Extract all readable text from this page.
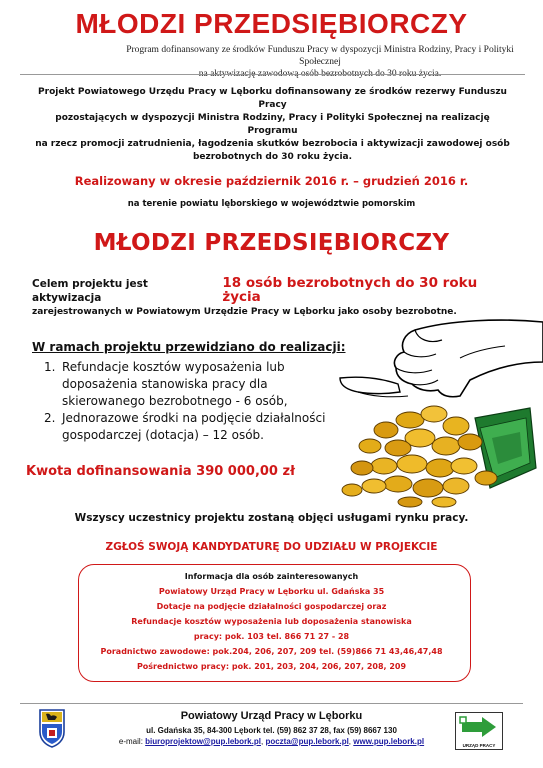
MŁODZI PRZEDSIĘBIORCZY
Program dofinansowany ze środków Funduszu Pracy w dyspozycji Ministra Rodziny, Pracy i Polityki Społecznej
na aktywizację zawodową osób bezrobotnych do 30 roku życia.
Projekt Powiatowego Urzędu Pracy w Lęborku dofinansowany ze środków rezerwy Funduszu Pracy
pozostających w dyspozycji Ministra Rodziny, Pracy i Polityki Społecznej na realizację Programu
na rzecz promocji zatrudnienia, łagodzenia skutków bezrobocia i aktywizacji zawodowej osób
bezrobotnych do 30 roku życia.
Realizowany w okresie październik 2016 r. – grudzień 2016 r.
na terenie powiatu lęborskiego w województwie pomorskim
MŁODZI PRZEDSIĘBIORCZY
Celem projektu jest aktywizacja
18 osób bezrobotnych do 30 roku życia
zarejestrowanych w Powiatowym Urzędzie Pracy w Lęborku jako osoby bezrobotne.
W ramach projektu przewidziano do realizacji:
1. Refundacje kosztów wyposażenia lub
doposażenia stanowiska pracy dla
skierowanego bezrobotnego - 6 osób,
2. Jednorazowe środki na podjęcie działalności
gospodarczej (dotacja) – 12 osób.
Kwota dofinansowania 390 000,00 zł
Wszyscy uczestnicy projektu zostaną objęci usługami rynku pracy.
ZGŁOŚ SWOJĄ KANDYDATURĘ DO UDZIAŁU W PROJEKCIE
Informacja dla osób zainteresowanych
Powiatowy Urząd Pracy w Lęborku ul. Gdańska 35
Dotacje na podjęcie działalności gospodarczej oraz
Refundacje kosztów wyposażenia lub doposażenia stanowiska
pracy: pok. 103 tel. 866 71 27 - 28
Poradnictwo zawodowe: pok.204, 206, 207, 209 tel. (59)866 71 43,46,47,48
Pośrednictwo pracy: pok. 201, 203, 204, 206, 207, 208, 209
Powiatowy Urząd Pracy w Lęborku
ul. Gdańska 35, 84-300 Lębork tel. (59) 862 37 28, fax (59) 8667 130
e-mail: biuroprojektow@pup.lebork.pl, poczta@pup.lebork.pl, www.pup.lebork.pl	URZĄD PRACY
